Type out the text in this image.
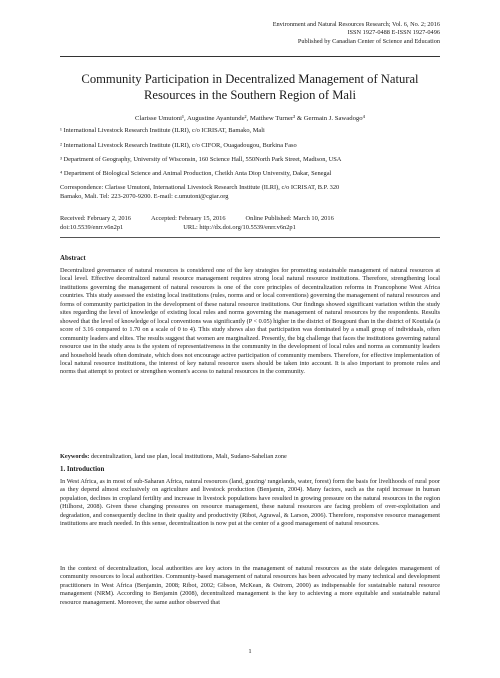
Environment and Natural Resources Research; Vol. 6, No. 2; 2016
ISSN 1927-0488 E-ISSN 1927-0496
Published by Canadian Center of Science and Education
Community Participation in Decentralized Management of Natural
Resources in the Southern Region of Mali
Clarisse Umutoni¹, Augustine Ayantunde², Matthew Turner³ & Germain J. Sawadogo⁴
¹ International Livestock Research Institute (ILRI), c/o ICRISAT, Bamako, Mali
² International Livestock Research Institute (ILRI), c/o CIFOR, Ouagadougou, Burkina Faso
³ Department of Geography, University of Wisconsin, 160 Science Hall, 550North Park Street, Madison, USA
⁴ Department of Biological Science and Animal Production, Cheikh Anta Diop University, Dakar, Senegal
Correspondence: Clarisse Umutoni, International Livestock Research Institute (ILRI), c/o ICRISAT, B.P. 320
Bamako, Mali. Tel: 223-2070-9200. E-mail: c.umutoni@cgiar.org
Received: February 2, 2016	Accepted: February 15, 2016	Online Published: March 10, 2016
doi:10.5539/enrr.v6n2p1	URL: http://dx.doi.org/10.5539/enrr.v6n2p1
Abstract
Decentralized governance of natural resources is considered one of the key strategies for promoting sustainable management of natural resources at local level. Effective decentralized natural resource management requires strong local natural resource institutions. Therefore, strengthening local institutions governing the management of natural resources is one of the core principles of decentralization reforms in Francophone West Africa countries. This study assessed the existing local institutions (rules, norms and or local conventions) governing the management of natural resources and forms of community participation in the development of these natural resource institutions. Our findings showed significant variation within the study sites regarding the level of knowledge of existing local rules and norms governing the management of natural resources by the respondents. Results showed that the level of knowledge of local conventions was significantly (P < 0.05) higher in the district of Bougouni than in the district of Koutiala (a score of 3.16 compared to 1.70 on a scale of 0 to 4). This study shows also that participation was dominated by a small group of individuals, often community leaders and elites. The results suggest that women are marginalized. Presently, the big challenge that faces the institutions governing natural resource use in the study area is the system of representativeness in the community in the development of local rules and norms as community leaders and household heads often dominate, which does not encourage active participation of community members. Therefore, for effective implementation of local natural resource institutions, the interest of key natural resource users should be taken into account. It is also important to promote rules and norms that attempt to protect or strengthen women's access to natural resources in the community.
Keywords: decentralization, land use plan, local institutions, Mali, Sudano-Sahelian zone
1. Introduction
In West Africa, as in most of sub-Saharan Africa, natural resources (land, grazing/ rangelands, water, forest) form the basis for livelihoods of rural poor as they depend almost exclusively on agriculture and livestock production (Benjamin, 2004). Many factors, such as the rapid increase in human population, declines in cropland fertility and increase in livestock populations have resulted in growing pressure on the natural resources in the region (Hilhorst, 2008). Given these changing pressures on resource management, these natural resources are facing problem of over-exploitation and degradation, and consequently decline in their quality and productivity (Ribot, Agrawal, & Larson, 2006). Therefore, responsive resource management institutions are much needed. In this sense, decentralization is now put at the center of a good management of natural resources.
In the context of decentralization, local authorities are key actors in the management of natural resources as the state delegates management of community resources to local authorities. Community-based management of natural resources has been advocated by many technical and development practitioners in West Africa (Benjamin, 2008; Ribot, 2002; Gibson, McKean, & Ostrom, 2000) as indispensable for sustainable natural resource management (NRM). According to Benjamin (2008), decentralized management is the key to achieving a more equitable and sustainable natural resource management. Moreover, the same author observed that
1
